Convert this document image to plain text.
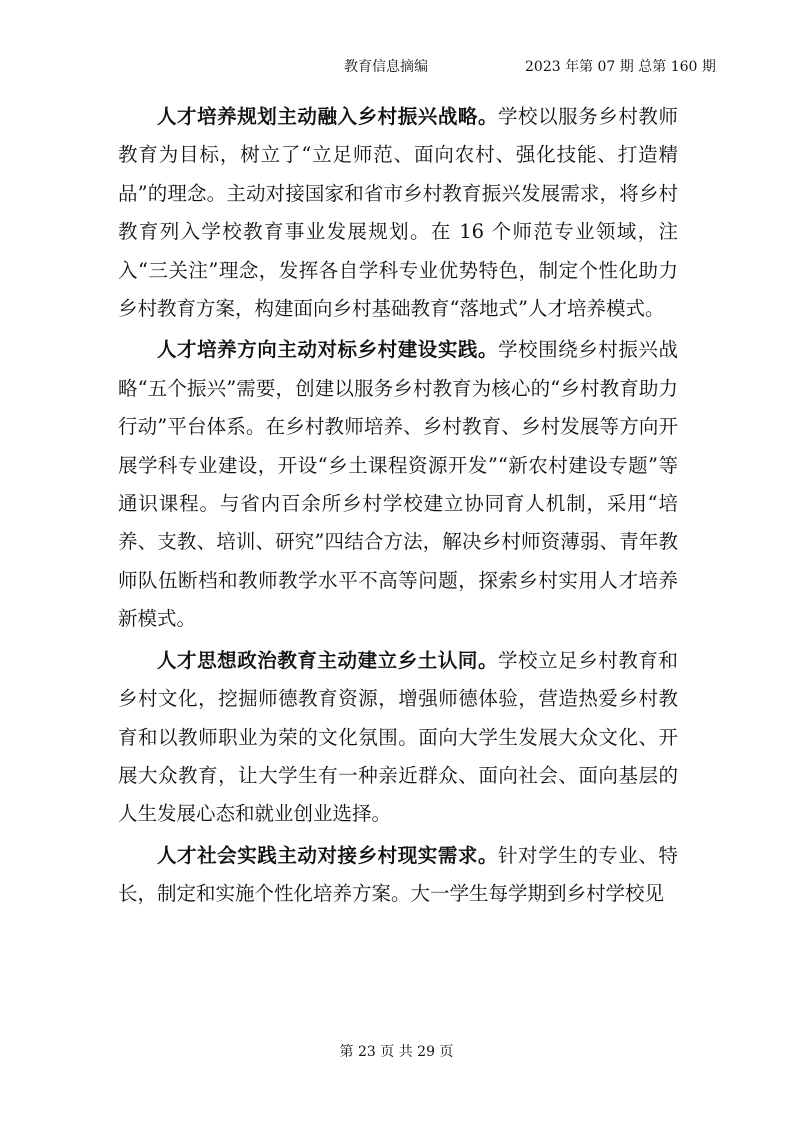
教育信息摘编	2023 年第 07 期 总第 160 期

人才培养规划主动融入乡村振兴战略。学校以服务乡村教师教育为目标，树立了“立足师范、面向农村、强化技能、打造精品”的理念。主动对接国家和省市乡村教育振兴发展需求，将乡村教育列入学校教育事业发展规划。在 16 个师范专业领域，注入“三关注”理念，发挥各自学科专业优势特色，制定个性化助力乡村教育方案，构建面向乡村基础教育“落地式”人才培养模式。

人才培养方向主动对标乡村建设实践。学校围绕乡村振兴战略“五个振兴”需要，创建以服务乡村教育为核心的“乡村教育助力行动”平台体系。在乡村教师培养、乡村教育、乡村发展等方向开展学科专业建设，开设“乡土课程资源开发”“新农村建设专题”等通识课程。与省内百余所乡村学校建立协同育人机制，采用“培养、支教、培训、研究”四结合方法，解决乡村师资薄弱、青年教师队伍断档和教师教学水平不高等问题，探索乡村实用人才培养新模式。

人才思想政治教育主动建立乡土认同。学校立足乡村教育和乡村文化，挖掘师德教育资源，增强师德体验，营造热爱乡村教育和以教师职业为荣的文化氛围。面向大学生发展大众文化、开展大众教育，让大学生有一种亲近群众、面向社会、面向基层的人生发展心态和就业创业选择。

人才社会实践主动对接乡村现实需求。针对学生的专业、特长，制定和实施个性化培养方案。大一学生每学期到乡村学校见

第 23 页 共 29 页
